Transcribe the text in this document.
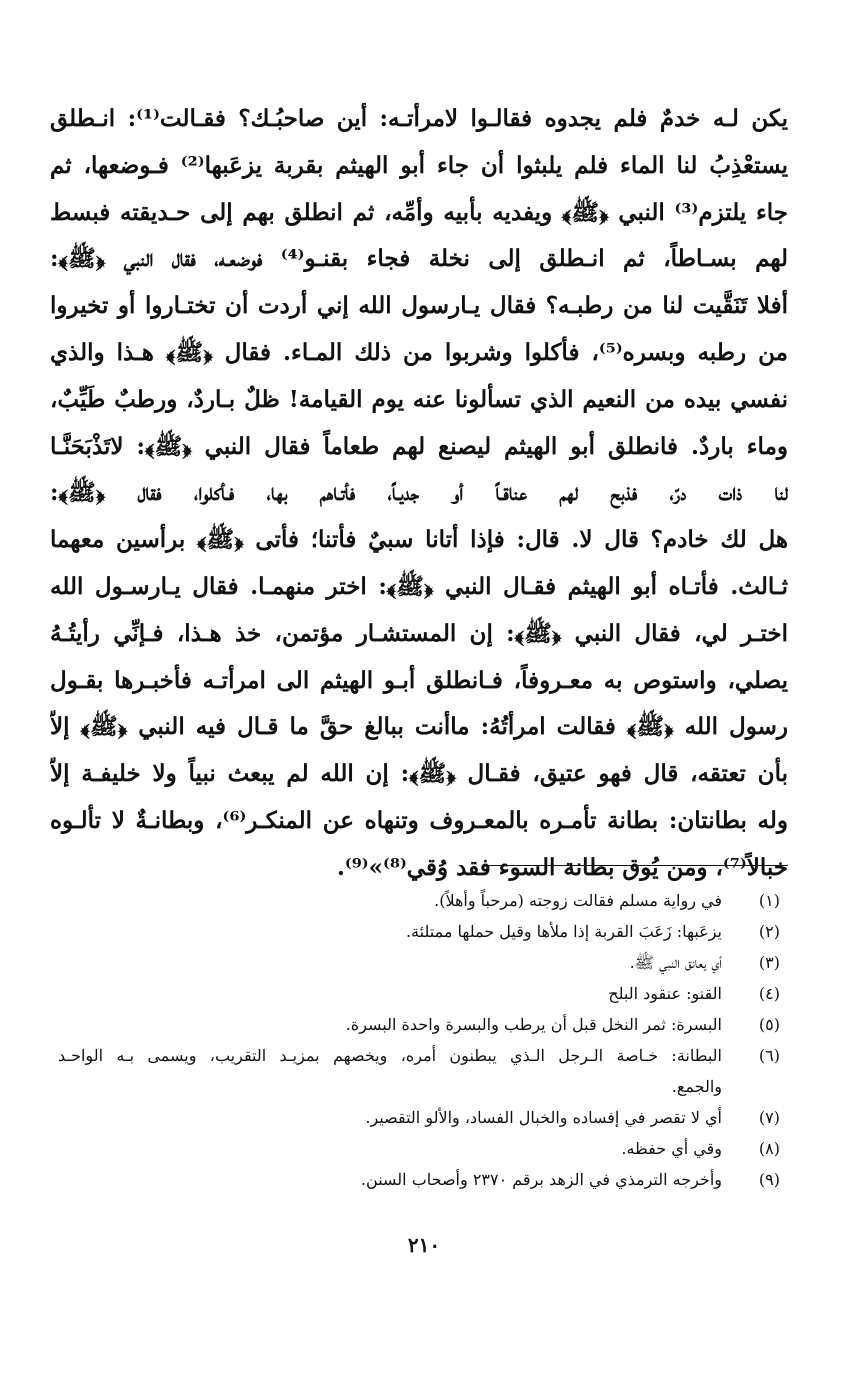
يكن لـه خدمٌ فلم يجدوه فقالـوا لامرأتـه: أين صاحبُـك؟ فقـالت⁽¹⁾: انـطلق
يستعْذِبُ لنا الماء فلم يلبثوا أن جاء أبو الهيثم بقربة يزعَبها⁽²⁾ فـوضعها، ثم
جاء يلتزم⁽³⁾ النبي ﴿ﷺ﴾ ويفديه بأبيه وأمِّه، ثم انطلق بهم إلى حـديقته فبسط
لهم بسـاطاً، ثم انـطلق إلى نخلة فجاء بقنـو⁽⁴⁾ فوضعـه، فقال النبي ﴿ﷺ﴾:
أفلا تَنَقَّيت لنا من رطبـه؟ فقال يـارسول الله إني أردت أن تختـاروا أو تخيروا
من رطبه وبسره⁽⁵⁾، فأكلوا وشربوا من ذلك المـاء. فقال ﴿ﷺ﴾ هـذا والذي
نفسي بيده من النعيم الذي تسألونا عنه يوم القيامة! ظلٌ بـاردٌ، ورطبٌ طَيِّبٌ،
وماء باردٌ. فانطلق أبو الهيثم ليصنع لهم طعاماً فقال النبي ﴿ﷺ﴾: لاتَذْبَحَنَّـا
لنا ذات درّ، فذبح لهم عناقـاً أو جديـاً، فأتـاهم بها، فـأكلوا، فقال ﴿ﷺ﴾:
هل لك خادم؟ قال لا. قال: فإذا أتانا سبيٌ فأتنا؛ فأتى ﴿ﷺ﴾ برأسين معهما
ثـالث. فأتـاه أبو الهيثم فقـال النبي ﴿ﷺ﴾: اختر منهمـا. فقال يـارسـول الله
اختـر لي، فقال النبي ﴿ﷺ﴾: إن المستشـار مؤتمن، خذ هـذا، فـإنِّي رأيتُـهُ
يصلي، واستوص به معـروفاً، فـانطلق أبـو الهيثم الى امرأتـه فأخبـرها بقـول
رسول الله ﴿ﷺ﴾ فقالت امرأتُهُ: ماأنت ببالغ حقَّ ما قـال فيه النبي ﴿ﷺ﴾ إلاّ
بأن تعتقه، قال فهو عتيق، فقـال ﴿ﷺ﴾: إن الله لم يبعث نبياً ولا خليفـة إلاّ
وله بطانتان: بطانة تأمـره بالمعـروف وتنهاه عن المنكـر⁽⁶⁾، وبطانـةٌ لا تألـوه
خبالاً⁽⁷⁾، ومن يُوق بطانة السوء فقد وُقي⁽⁸⁾»⁽⁹⁾.
(١)
في رواية مسلم فقالت زوجته (مرحباً وأهلاً).
(٢)
يزعَبها: زَعَبَ القربة إذا ملأها وقيل حملها ممتلئة.
(٣)
أي يعانق النبي ﷺ.
(٤)
القنو: عنقود البلح
(٥)
البسرة: ثمر النخل قبل أن يرطب والبسرة واحدة البسرة.
(٦)
البطانة: خـاصة الـرجل الـذي يبطنون أمره، ويخصهم بمزيـد التقريب، ويسمى بـه الواحـد
والجمع.
(٧)
أي لا تقصر في إفساده والخبال الفساد، والألو التقصير.
(٨)
وقي أي حفظه.
(٩)
وأخرجه الترمذي في الزهد برقم ٢٣٧٠ وأصحاب السنن.
٢١٠
